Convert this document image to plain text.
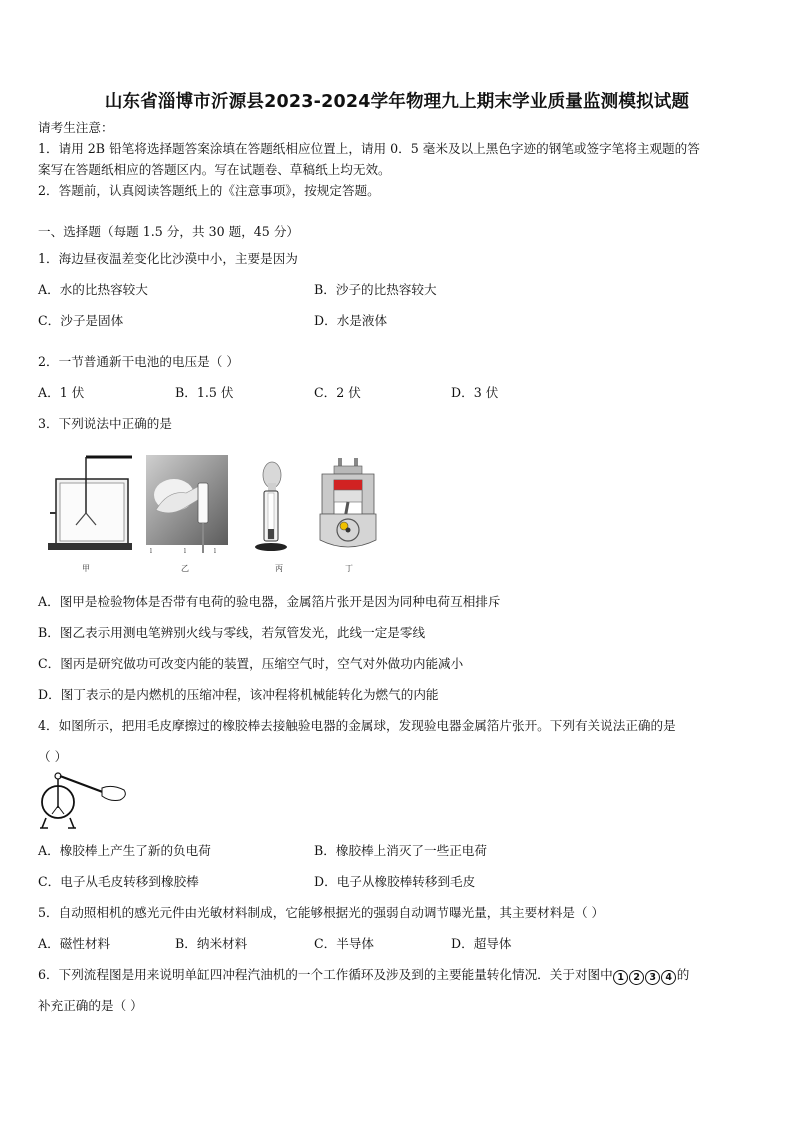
山东省淄博市沂源县2023-2024学年物理九上期末学业质量监测模拟试题
请考生注意：
1．请用 2B 铅笔将选择题答案涂填在答题纸相应位置上，请用 0．5 毫米及以上黑色字迹的钢笔或签字笔将主观题的答
案写在答题纸相应的答题区内。写在试题卷、草稿纸上均无效。
2．答题前，认真阅读答题纸上的《注意事项》，按规定答题。
一、选择题（每题 1.5 分，共 30 题，45 分）
1．海边昼夜温差变化比沙漠中小，主要是因为
A．水的比热容较大	B．沙子的比热容较大
C．沙子是固体	D．水是液体
2．一节普通新干电池的电压是（ ）
A．1 伏	B．1.5 伏	C．2 伏	D．3 伏
3．下列说法中正确的是
甲
l	l	l
乙	丙	丁
A．图甲是检验物体是否带有电荷的验电器，金属箔片张开是因为同种电荷互相排斥
B．图乙表示用测电笔辨别火线与零线，若氖管发光，此线一定是零线
C．图丙是研究做功可改变内能的装置，压缩空气时，空气对外做功内能减小
D．图丁表示的是内燃机的压缩冲程，该冲程将机械能转化为燃气的内能
4．如图所示，把用毛皮摩擦过的橡胶棒去接触验电器的金属球，发现验电器金属箔片张开。下列有关说法正确的是
（ ）
A．橡胶棒上产生了新的负电荷	B．橡胶棒上消灭了一些正电荷
C．电子从毛皮转移到橡胶棒	D．电子从橡胶棒转移到毛皮
5．自动照相机的感光元件由光敏材料制成，它能够根据光的强弱自动调节曝光量，其主要材料是（ ）
A．磁性材料	B．纳米材料	C．半导体	D．超导体
6．下列流程图是用来说明单缸四冲程汽油机的一个工作循环及涉及到的主要能量转化情况．关于对图中 1 2 3 4 的
补充正确的是（ ）
